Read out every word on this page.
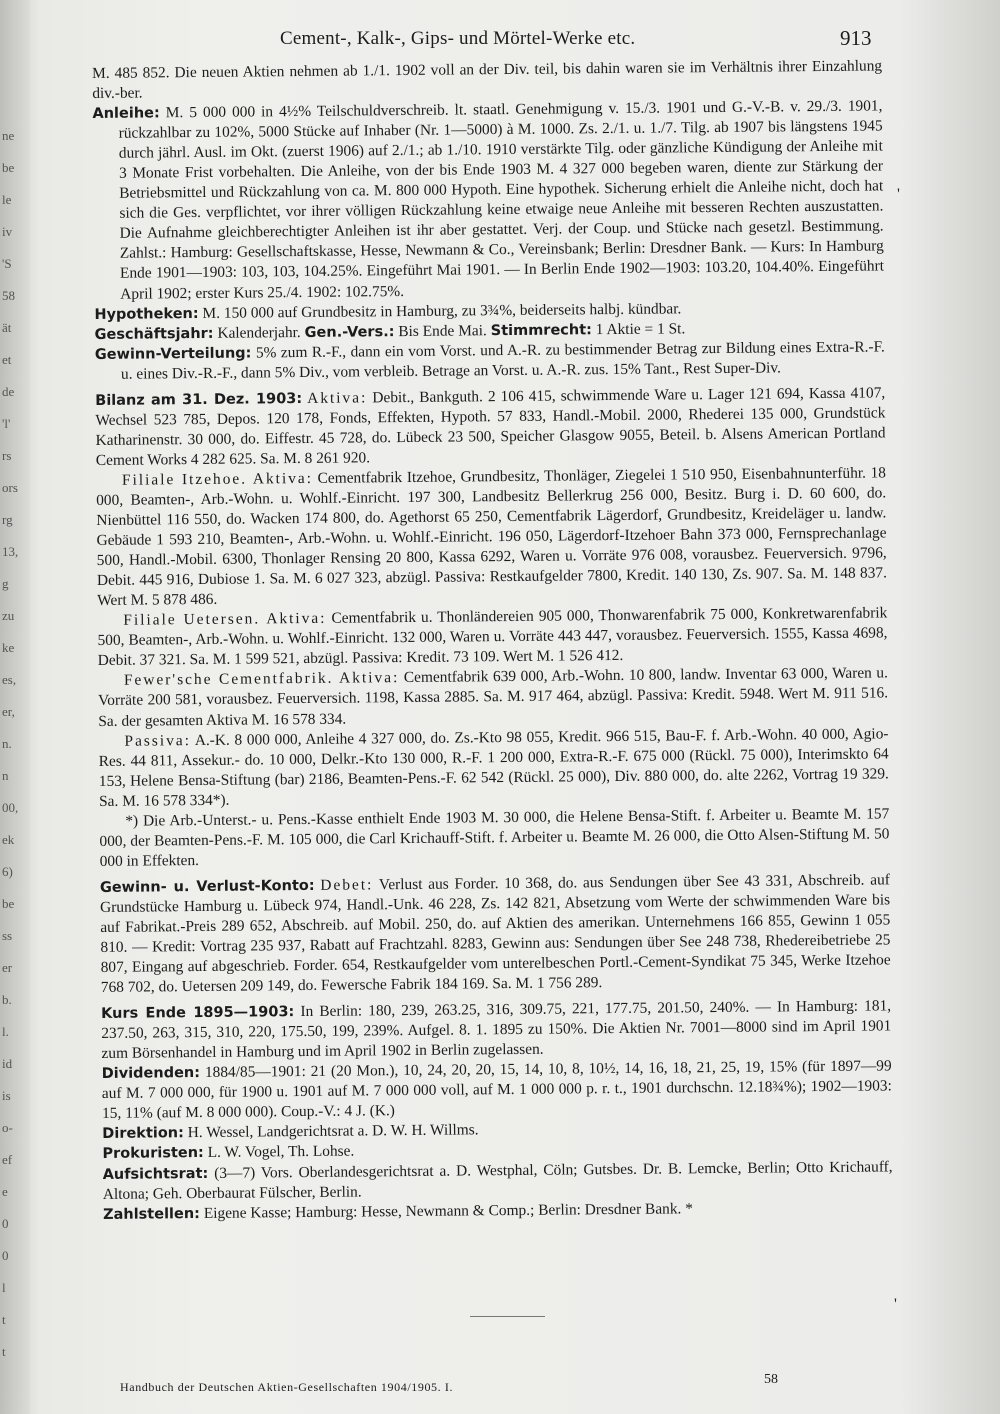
ne
be
le
iv
'S
58
ät
et
de
'l'
rs
ors
rg
13,
g
zu
ke
es,
er,
n.
n
00,
ek
6)
be
ss
er
b.
l.
id
is
o-
ef
e
0
0
l
t
t
Cement-, Kalk-, Gips- und Mörtel-Werke etc.	913

M. 485 852. Die neuen Aktien nehmen ab 1./1. 1902 voll an der Div. teil, bis dahin waren sie im Verhältnis ihrer Einzahlung div.-ber.

Anleihe: M. 5 000 000 in 4½% Teilschuldverschreib. lt. staatl. Genehmigung v. 15./3. 1901 und G.-V.-B. v. 29./3. 1901, rückzahlbar zu 102%, 5000 Stücke auf Inhaber (Nr. 1—5000) à M. 1000. Zs. 2./1. u. 1./7. Tilg. ab 1907 bis längstens 1945 durch jährl. Ausl. im Okt. (zuerst 1906) auf 2./1.; ab 1./10. 1910 verstärkte Tilg. oder gänzliche Kündigung der Anleihe mit 3 Monate Frist vorbehalten. Die Anleihe, von der bis Ende 1903 M. 4 327 000 begeben waren, diente zur Stärkung der Betriebsmittel und Rückzahlung von ca. M. 800 000 Hypoth. Eine hypothek. Sicherung erhielt die Anleihe nicht, doch hat sich die Ges. verpflichtet, vor ihrer völligen Rückzahlung keine etwaige neue Anleihe mit besseren Rechten auszustatten. Die Aufnahme gleichberechtigter Anleihen ist ihr aber gestattet. Verj. der Coup. und Stücke nach gesetzl. Bestimmung. Zahlst.: Hamburg: Gesellschaftskasse, Hesse, Newmann & Co., Vereinsbank; Berlin: Dresdner Bank. — Kurs: In Hamburg Ende 1901—1903: 103, 103, 104.25%. Eingeführt Mai 1901. — In Berlin Ende 1902—1903: 103.20, 104.40%. Eingeführt April 1902; erster Kurs 25./4. 1902: 102.75%.

Hypotheken: M. 150 000 auf Grundbesitz in Hamburg, zu 3¾%, beiderseits halbj. kündbar.

Geschäftsjahr: Kalenderjahr. Gen.-Vers.: Bis Ende Mai. Stimmrecht: 1 Aktie = 1 St.

Gewinn-Verteilung: 5% zum R.-F., dann ein vom Vorst. und A.-R. zu bestimmender Betrag zur Bildung eines Extra-R.-F. u. eines Div.-R.-F., dann 5% Div., vom verbleib. Betrage an Vorst. u. A.-R. zus. 15% Tant., Rest Super-Div.

Bilanz am 31. Dez. 1903: Aktiva: Debit., Bankguth. 2 106 415, schwimmende Ware u. Lager 121 694, Kassa 4107, Wechsel 523 785, Depos. 120 178, Fonds, Effekten, Hypoth. 57 833, Handl.-Mobil. 2000, Rhederei 135 000, Grundstück Katharinenstr. 30 000, do. Eiffestr. 45 728, do. Lübeck 23 500, Speicher Glasgow 9055, Beteil. b. Alsens American Portland Cement Works 4 282 625. Sa. M. 8 261 920.

Filiale Itzehoe. Aktiva: Cementfabrik Itzehoe, Grundbesitz, Thonläger, Ziegelei 1 510 950, Eisenbahnunterführ. 18 000, Beamten-, Arb.-Wohn. u. Wohlf.-Einricht. 197 300, Landbesitz Bellerkrug 256 000, Besitz. Burg i. D. 60 600, do. Nienbüttel 116 550, do. Wacken 174 800, do. Agethorst 65 250, Cementfabrik Lägerdorf, Grundbesitz, Kreideläger u. landw. Gebäude 1 593 210, Beamten-, Arb.-Wohn. u. Wohlf.-Einricht. 196 050, Lägerdorf-Itzehoer Bahn 373 000, Fernsprechanlage 500, Handl.-Mobil. 6300, Thonlager Rensing 20 800, Kassa 6292, Waren u. Vorräte 976 008, vorausbez. Feuerversich. 9796, Debit. 445 916, Dubiose 1. Sa. M. 6 027 323, abzügl. Passiva: Restkaufgelder 7800, Kredit. 140 130, Zs. 907. Sa. M. 148 837. Wert M. 5 878 486.

Filiale Uetersen. Aktiva: Cementfabrik u. Thonländereien 905 000, Thonwarenfabrik 75 000, Konkretwarenfabrik 500, Beamten-, Arb.-Wohn. u. Wohlf.-Einricht. 132 000, Waren u. Vorräte 443 447, vorausbez. Feuerversich. 1555, Kassa 4698, Debit. 37 321. Sa. M. 1 599 521, abzügl. Passiva: Kredit. 73 109. Wert M. 1 526 412.

Fewer'sche Cementfabrik. Aktiva: Cementfabrik 639 000, Arb.-Wohn. 10 800, landw. Inventar 63 000, Waren u. Vorräte 200 581, vorausbez. Feuerversich. 1198, Kassa 2885. Sa. M. 917 464, abzügl. Passiva: Kredit. 5948. Wert M. 911 516. Sa. der gesamten Aktiva M. 16 578 334.

Passiva: A.-K. 8 000 000, Anleihe 4 327 000, do. Zs.-Kto 98 055, Kredit. 966 515, Bau-F. f. Arb.-Wohn. 40 000, Agio-Res. 44 811, Assekur.- do. 10 000, Delkr.-Kto 130 000, R.-F. 1 200 000, Extra-R.-F. 675 000 (Rückl. 75 000), Interimskto 64 153, Helene Bensa-Stiftung (bar) 2186, Beamten-Pens.-F. 62 542 (Rückl. 25 000), Div. 880 000, do. alte 2262, Vortrag 19 329. Sa. M. 16 578 334*).

*) Die Arb.-Unterst.- u. Pens.-Kasse enthielt Ende 1903 M. 30 000, die Helene Bensa-Stift. f. Arbeiter u. Beamte M. 157 000, der Beamten-Pens.-F. M. 105 000, die Carl Krichauff-Stift. f. Arbeiter u. Beamte M. 26 000, die Otto Alsen-Stiftung M. 50 000 in Effekten.

Gewinn- u. Verlust-Konto: Debet: Verlust aus Forder. 10 368, do. aus Sendungen über See 43 331, Abschreib. auf Grundstücke Hamburg u. Lübeck 974, Handl.-Unk. 46 228, Zs. 142 821, Absetzung vom Werte der schwimmenden Ware bis auf Fabrikat.-Preis 289 652, Abschreib. auf Mobil. 250, do. auf Aktien des amerikan. Unternehmens 166 855, Gewinn 1 055 810. — Kredit: Vortrag 235 937, Rabatt auf Frachtzahl. 8283, Gewinn aus: Sendungen über See 248 738, Rhedereibetriebe 25 807, Eingang auf abgeschrieb. Forder. 654, Restkaufgelder vom unterelbeschen Portl.-Cement-Syndikat 75 345, Werke Itzehoe 768 702, do. Uetersen 209 149, do. Fewersche Fabrik 184 169. Sa. M. 1 756 289.

Kurs Ende 1895—1903: In Berlin: 180, 239, 263.25, 316, 309.75, 221, 177.75, 201.50, 240%. — In Hamburg: 181, 237.50, 263, 315, 310, 220, 175.50, 199, 239%. Aufgel. 8. 1. 1895 zu 150%. Die Aktien Nr. 7001—8000 sind im April 1901 zum Börsenhandel in Hamburg und im April 1902 in Berlin zugelassen.

Dividenden: 1884/85—1901: 21 (20 Mon.), 10, 24, 20, 20, 15, 14, 10, 8, 10½, 14, 16, 18, 21, 25, 19, 15% (für 1897—99 auf M. 7 000 000, für 1900 u. 1901 auf M. 7 000 000 voll, auf M. 1 000 000 p. r. t., 1901 durchschn. 12.18¾%); 1902—1903: 15, 11% (auf M. 8 000 000). Coup.-V.: 4 J. (K.)

Direktion: H. Wessel, Landgerichtsrat a. D. W. H. Willms.

Prokuristen: L. W. Vogel, Th. Lohse.

Aufsichtsrat: (3—7) Vors. Oberlandesgerichtsrat a. D. Westphal, Cöln; Gutsbes. Dr. B. Lemcke, Berlin; Otto Krichauff, Altona; Geh. Oberbaurat Fülscher, Berlin.

Zahlstellen: Eigene Kasse; Hamburg: Hesse, Newmann & Comp.; Berlin: Dresdner Bank. *

'
'
Handbuch der Deutschen Aktien-Gesellschaften 1904/1905. I.	58
